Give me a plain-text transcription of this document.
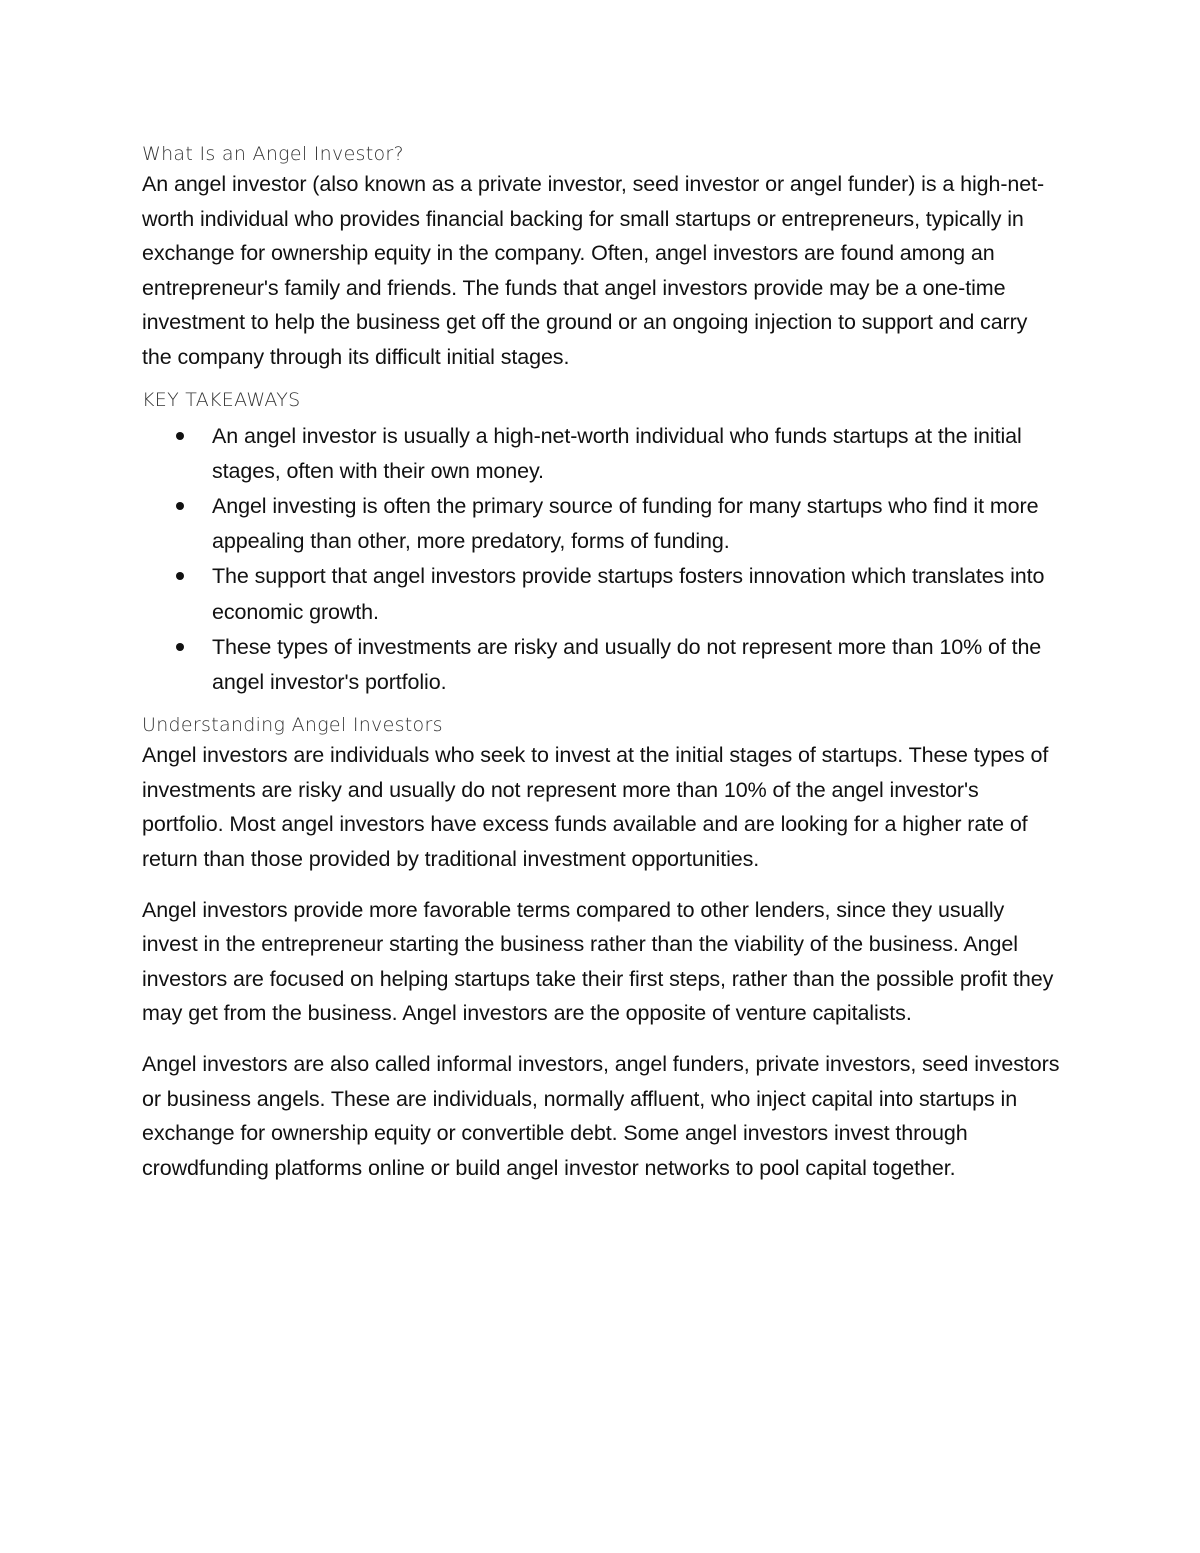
What Is an Angel Investor?

An angel investor (also known as a private investor, seed investor or angel funder) is a high-net-worth individual who provides financial backing for small startups or entrepreneurs, typically in exchange for ownership equity in the company. Often, angel investors are found among an entrepreneur's family and friends. The funds that angel investors provide may be a one-time investment to help the business get off the ground or an ongoing injection to support and carry the company through its difficult initial stages.

KEY TAKEAWAYS
An angel investor is usually a high-net-worth individual who funds startups at the initial stages, often with their own money.
Angel investing is often the primary source of funding for many startups who find it more appealing than other, more predatory, forms of funding.
The support that angel investors provide startups fosters innovation which translates into economic growth.
These types of investments are risky and usually do not represent more than 10% of the angel investor's portfolio.
Understanding Angel Investors

Angel investors are individuals who seek to invest at the initial stages of startups. These types of investments are risky and usually do not represent more than 10% of the angel investor's portfolio. Most angel investors have excess funds available and are looking for a higher rate of return than those provided by traditional investment opportunities.

Angel investors provide more favorable terms compared to other lenders, since they usually invest in the entrepreneur starting the business rather than the viability of the business. Angel investors are focused on helping startups take their first steps, rather than the possible profit they may get from the business. Angel investors are the opposite of venture capitalists.

Angel investors are also called informal investors, angel funders, private investors, seed investors or business angels. These are individuals, normally affluent, who inject capital into startups in exchange for ownership equity or convertible debt. Some angel investors invest through crowdfunding platforms online or build angel investor networks to pool capital together.
